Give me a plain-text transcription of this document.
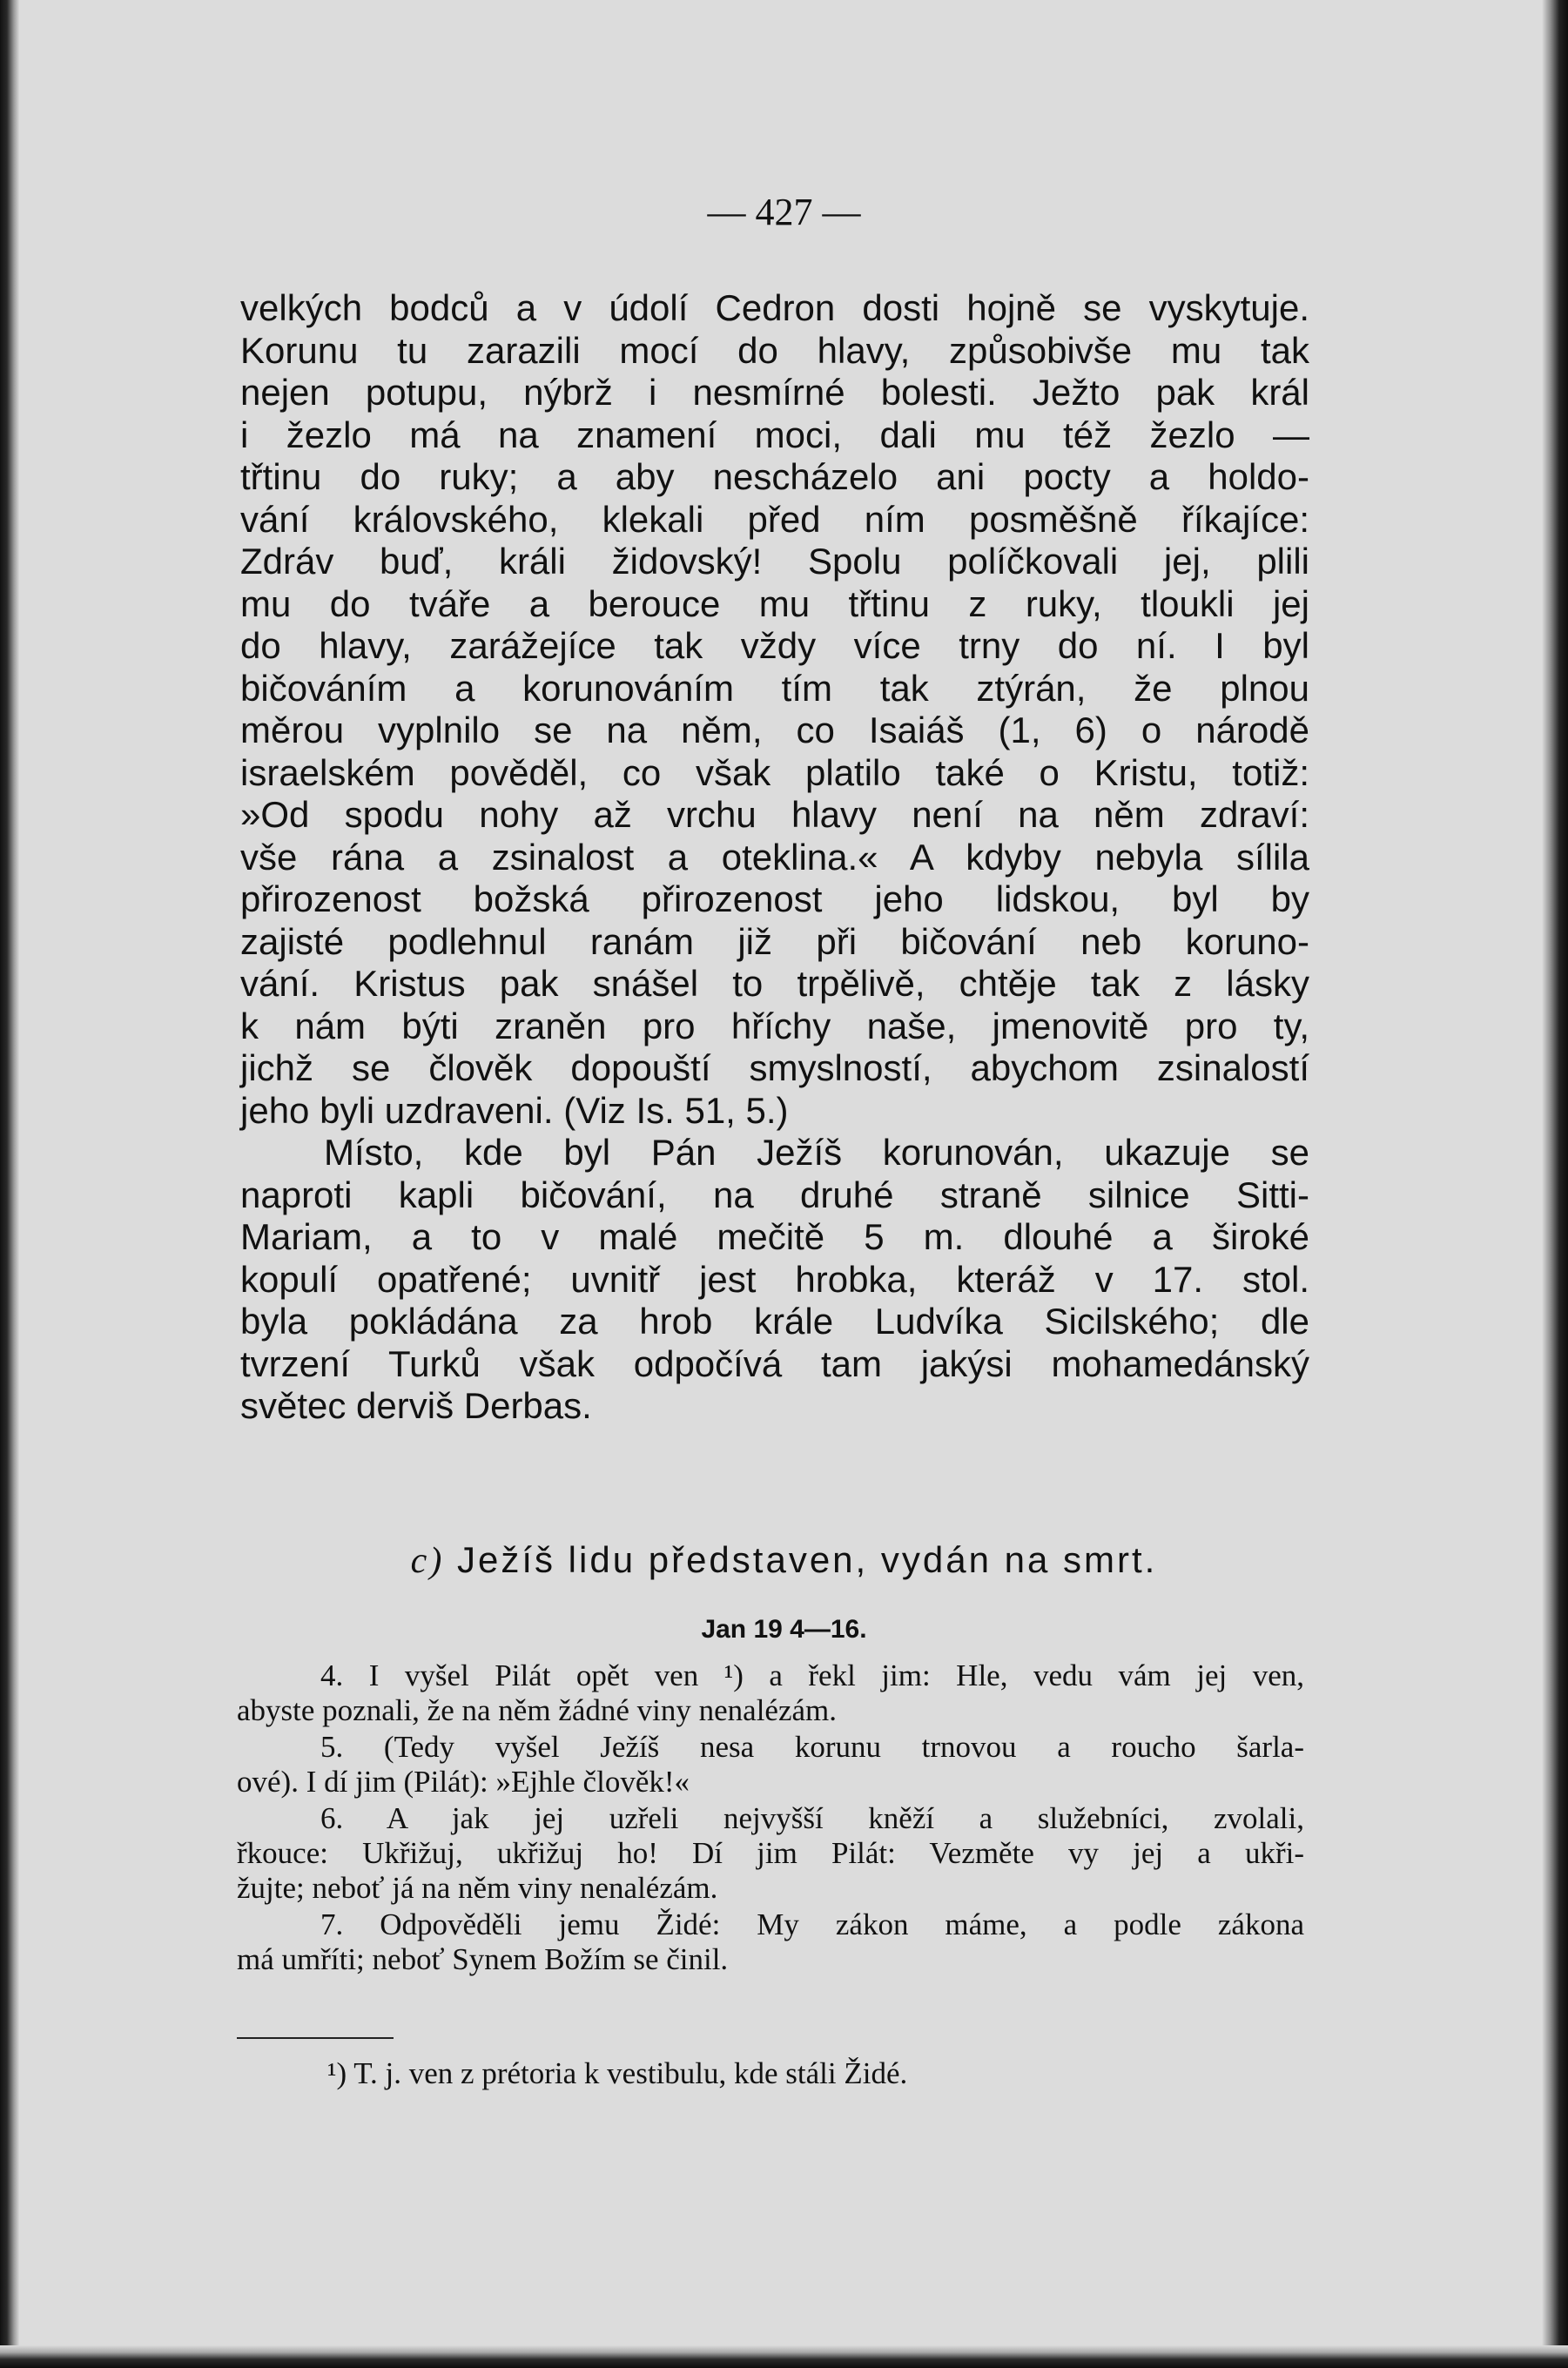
— 427 —
velkých bodců a v údolí Cedron dosti hojně se vyskytuje.
Korunu tu zarazili mocí do hlavy, způsobivše mu tak
nejen potupu, nýbrž i nesmírné bolesti. Ježto pak král
i žezlo má na znamení moci, dali mu též žezlo —
třtinu do ruky; a aby nescházelo ani pocty a holdo-
vání královského, klekali před ním posměšně říkajíce:
Zdráv buď, králi židovský! Spolu políčkovali jej, plili
mu do tváře a berouce mu třtinu z ruky, tloukli jej
do hlavy, zarážejíce tak vždy více trny do ní. I byl
bičováním a korunováním tím tak ztýrán, že plnou
měrou vyplnilo se na něm, co Isaiáš (1, 6) o národě
israelském pověděl, co však platilo také o Kristu, totiž:
»Od spodu nohy až vrchu hlavy není na něm zdraví:
vše rána a zsinalost a oteklina.« A kdyby nebyla sílila
přirozenost božská přirozenost jeho lidskou, byl by
zajisté podlehnul ranám již při bičování neb koruno-
vání. Kristus pak snášel to trpělivě, chtěje tak z lásky
k nám býti zraněn pro hříchy naše, jmenovitě pro ty,
jichž se člověk dopouští smyslností, abychom zsinalostí
jeho byli uzdraveni. (Viz Is. 51, 5.)
Místo, kde byl Pán Ježíš korunován, ukazuje se
naproti kapli bičování, na druhé straně silnice Sitti-
Mariam, a to v malé mečitě 5 m. dlouhé a široké
kopulí opatřené; uvnitř jest hrobka, kteráž v 17. stol.
byla pokládána za hrob krále Ludvíka Sicilského; dle
tvrzení Turků však odpočívá tam jakýsi mohamedánský
světec derviš Derbas.
c) Ježíš lidu představen, vydán na smrt.
Jan 19 4—16.
4. I vyšel Pilát opět ven ¹) a řekl jim: Hle, vedu vám jej ven,
abyste poznali, že na něm žádné viny nenalézám.
5. (Tedy vyšel Ježíš nesa korunu trnovou a roucho šarla-
ové). I dí jim (Pilát): »Ejhle člověk!«
6. A jak jej uzřeli nejvyšší kněží a služebníci, zvolali,
řkouce: Ukřižuj, ukřižuj ho! Dí jim Pilát: Vezměte vy jej a ukři-
žujte; neboť já na něm viny nenalézám.
7. Odpověděli jemu Židé: My zákon máme, a podle zákona
má umříti; neboť Synem Božím se činil.
¹) T. j. ven z prétoria k vestibulu, kde stáli Židé.
